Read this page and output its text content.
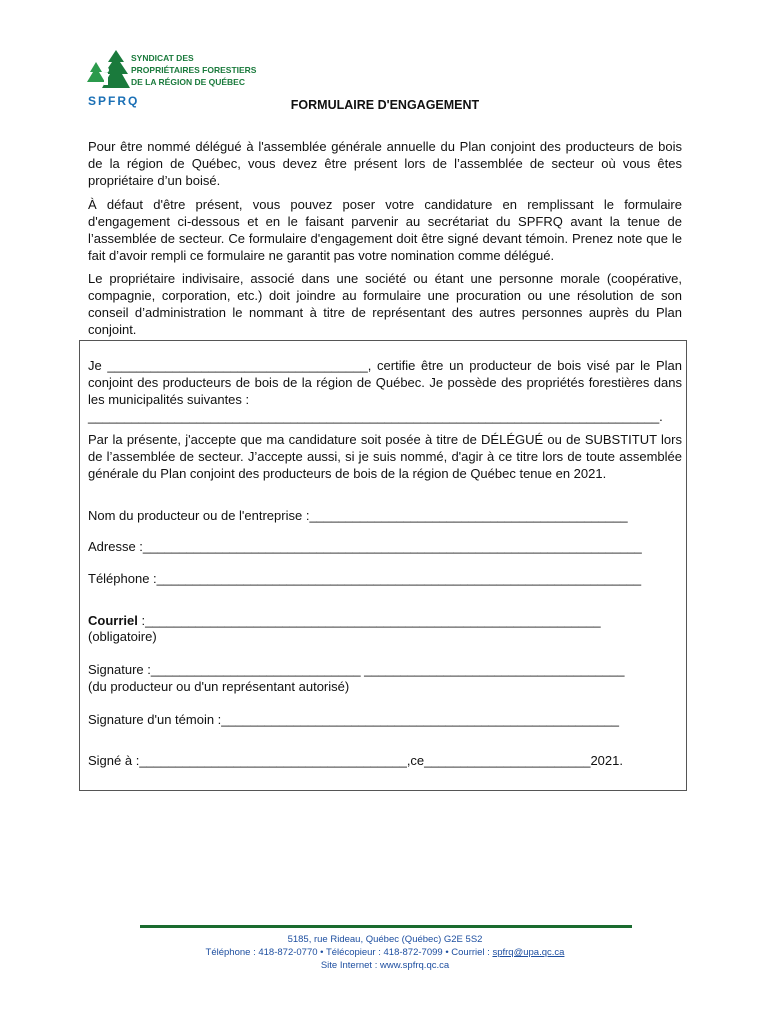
SYNDICAT DES
PROPRIÉTAIRES FORESTIERS
DE LA RÉGION DE QUÉBEC
SPFRQ	FORMULAIRE D'ENGAGEMENT

Pour être nommé délégué à l'assemblée générale annuelle du Plan conjoint des producteurs de bois de la région de Québec, vous devez être présent lors de l’assemblée de secteur où vous êtes propriétaire d’un boisé.

À défaut d'être présent, vous pouvez poser votre candidature en remplissant le formulaire d'engagement ci-dessous et en le faisant parvenir au secrétariat du SPFRQ avant la tenue de l’assemblée de secteur. Ce formulaire d'engagement doit être signé devant témoin. Prenez note que le fait d’avoir rempli ce formulaire ne garantit pas votre nomination comme délégué.

Le propriétaire indivisaire, associé dans une société ou étant une personne morale (coopérative, compagnie, corporation, etc.) doit joindre au formulaire une procuration ou une résolution de son conseil d’administration le nommant à titre de représentant des autres personnes auprès du Plan conjoint.

Je ____________________________________, certifie être un producteur de bois visé par le Plan conjoint des producteurs de bois de la région de Québec. Je possède des propriétés forestières dans les municipalités suivantes :

_______________________________________________________________________________.

Par la présente, j'accepte que ma candidature soit posée à titre de DÉLÉGUÉ ou de SUBSTITUT lors de l’assemblée de secteur. J’accepte aussi, si je suis nommé, d'agir à ce titre lors de toute assemblée générale du Plan conjoint des producteurs de bois de la région de Québec tenue en 2021.

Nom du producteur ou de l'entreprise :____________________________________________

Adresse :_____________________________________________________________________

Téléphone :___________________________________________________________________

Courriel :_______________________________________________________________

(obligatoire)

Signature :_____________________________ ____________________________________

(du producteur ou d'un représentant autorisé)

Signature d'un témoin :_______________________________________________________

Signé à :_____________________________________,ce_______________________2021.

5185, rue Rideau, Québec (Québec) G2E 5S2
Téléphone : 418-872-0770 • Télécopieur : 418-872-7099 • Courriel : spfrq@upa.qc.ca
Site Internet : www.spfrq.qc.ca
